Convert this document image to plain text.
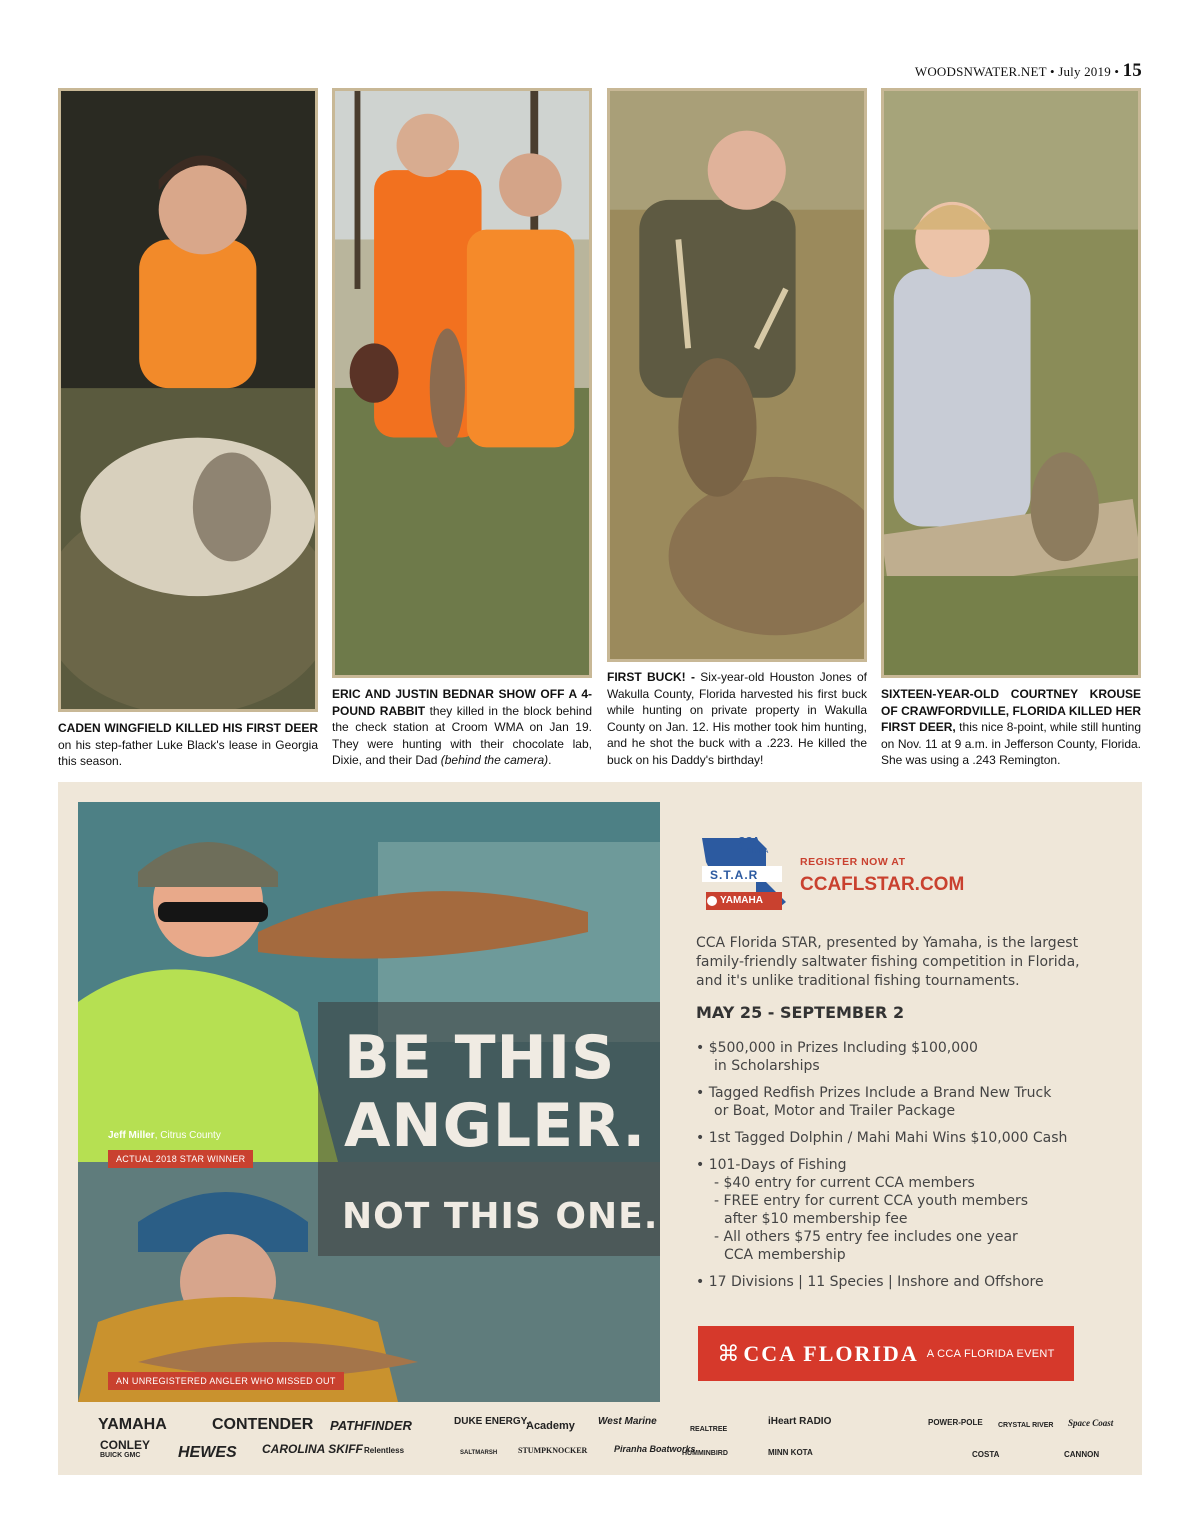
WOODSNWATER.NET • July 2019 • 15
CADEN WINGFIELD KILLED HIS FIRST DEER on his step-father Luke Black's lease in Georgia this season.
ERIC AND JUSTIN BEDNAR SHOW OFF A 4-POUND RABBIT they killed in the block behind the check station at Croom WMA on Jan 19. They were hunting with their chocolate lab, Dixie, and their Dad (behind the camera).
FIRST BUCK! - Six-year-old Houston Jones of Wakulla County, Florida harvested his first buck while hunting on private property in Wakulla County on Jan. 12. His mother took him hunting, and he shot the buck with a .223. He killed the buck on his Daddy's birthday!
SIXTEEN-YEAR-OLD COURTNEY KROUSE OF CRAWFORDVILLE, FLORIDA KILLED HER FIRST DEER, this nice 8-point, while still hunting on Nov. 11 at 9 a.m. in Jefferson County, Florida. She was using a .243 Remington.
BE THIS
ANGLER.
NOT THIS ONE.
Jeff Miller, Citrus County
ACTUAL 2018 STAR WINNER
AN UNREGISTERED ANGLER WHO MISSED OUT
CCA
FLORIDA
S.T.A.R
YAMAHA
REGISTER NOW AT
CCAFLSTAR.COM
CCA Florida STAR, presented by Yamaha, is the largest family-friendly saltwater fishing competition in Florida, and it's unlike traditional fishing tournaments.
MAY 25 - SEPTEMBER 2
• $500,000 in Prizes Including $100,000
in Scholarships
• Tagged Redfish Prizes Include a Brand New Truck
or Boat, Motor and Trailer Package
• 1st Tagged Dolphin / Mahi Mahi Wins $10,000 Cash
• 101-Days of Fishing
- $40 entry for current CCA members
- FREE entry for current CCA youth members
after $10 membership fee
- All others $75 entry fee includes one year
CCA membership
• 17 Divisions | 11 Species | Inshore and Offshore
⌘ CCA FLORIDA A CCA FLORIDA EVENT
YAMAHA	CONTENDER PATHFINDER	DUKE ENERGY.
Academy West Marine
REALTREE
iHeart RADIO	POWER-POLE CRYSTAL RIVER Space Coast
CONLEY
BUICK GMC HEWES CAROLINA SKIFF Relentless	SALTMARSH	STUMPKNOCKER	Piranha Boatworks
HUMMINBIRD	MINN KOTA	COSTA	CANNON
